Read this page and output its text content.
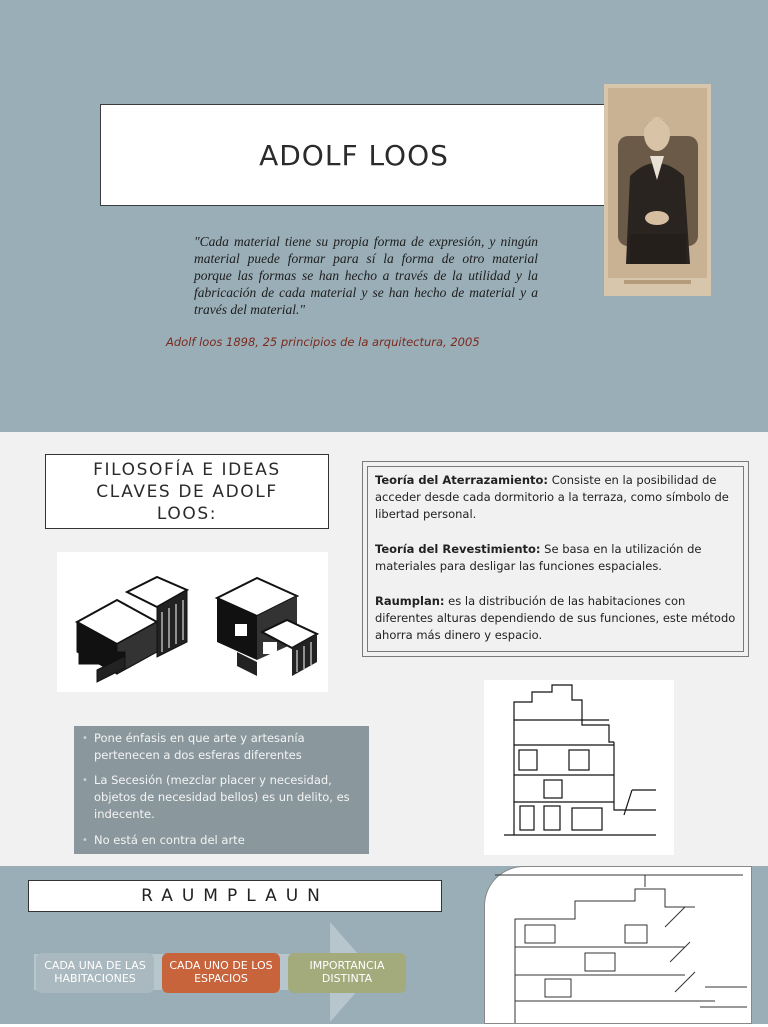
ADOLF LOOS
"Cada material tiene su propia forma de expresión, y ningún material puede formar para sí la forma de otro material porque las formas se han hecho a través de la utilidad y la fabricación de cada material y se han hecho de material y a través del material."
Adolf loos 1898, 25 principios de la arquitectura, 2005
FILOSOFÍA E IDEAS
CLAVES DE ADOLF
LOOS:
Teoría del Aterrazamiento: Consiste en la posibilidad de acceder desde cada dormitorio a la terraza, como símbolo de libertad personal.
Teoría del Revestimiento: Se basa en la utilización de materiales para desligar las funciones espaciales.
Raumplan: es la distribución de las habitaciones con diferentes alturas dependiendo de sus funciones, este método ahorra más dinero y espacio.
• Pone énfasis en que arte y artesanía pertenecen a dos esferas diferentes
• La Secesión (mezclar placer y necesidad, objetos de necesidad bellos) es un delito, es indecente.
• No está en contra del arte
RAUMPLAUN
CADA UNA DE LAS
HABITACIONES
CADA UNO DE LOS
ESPACIOS
IMPORTANCIA
DISTINTA
